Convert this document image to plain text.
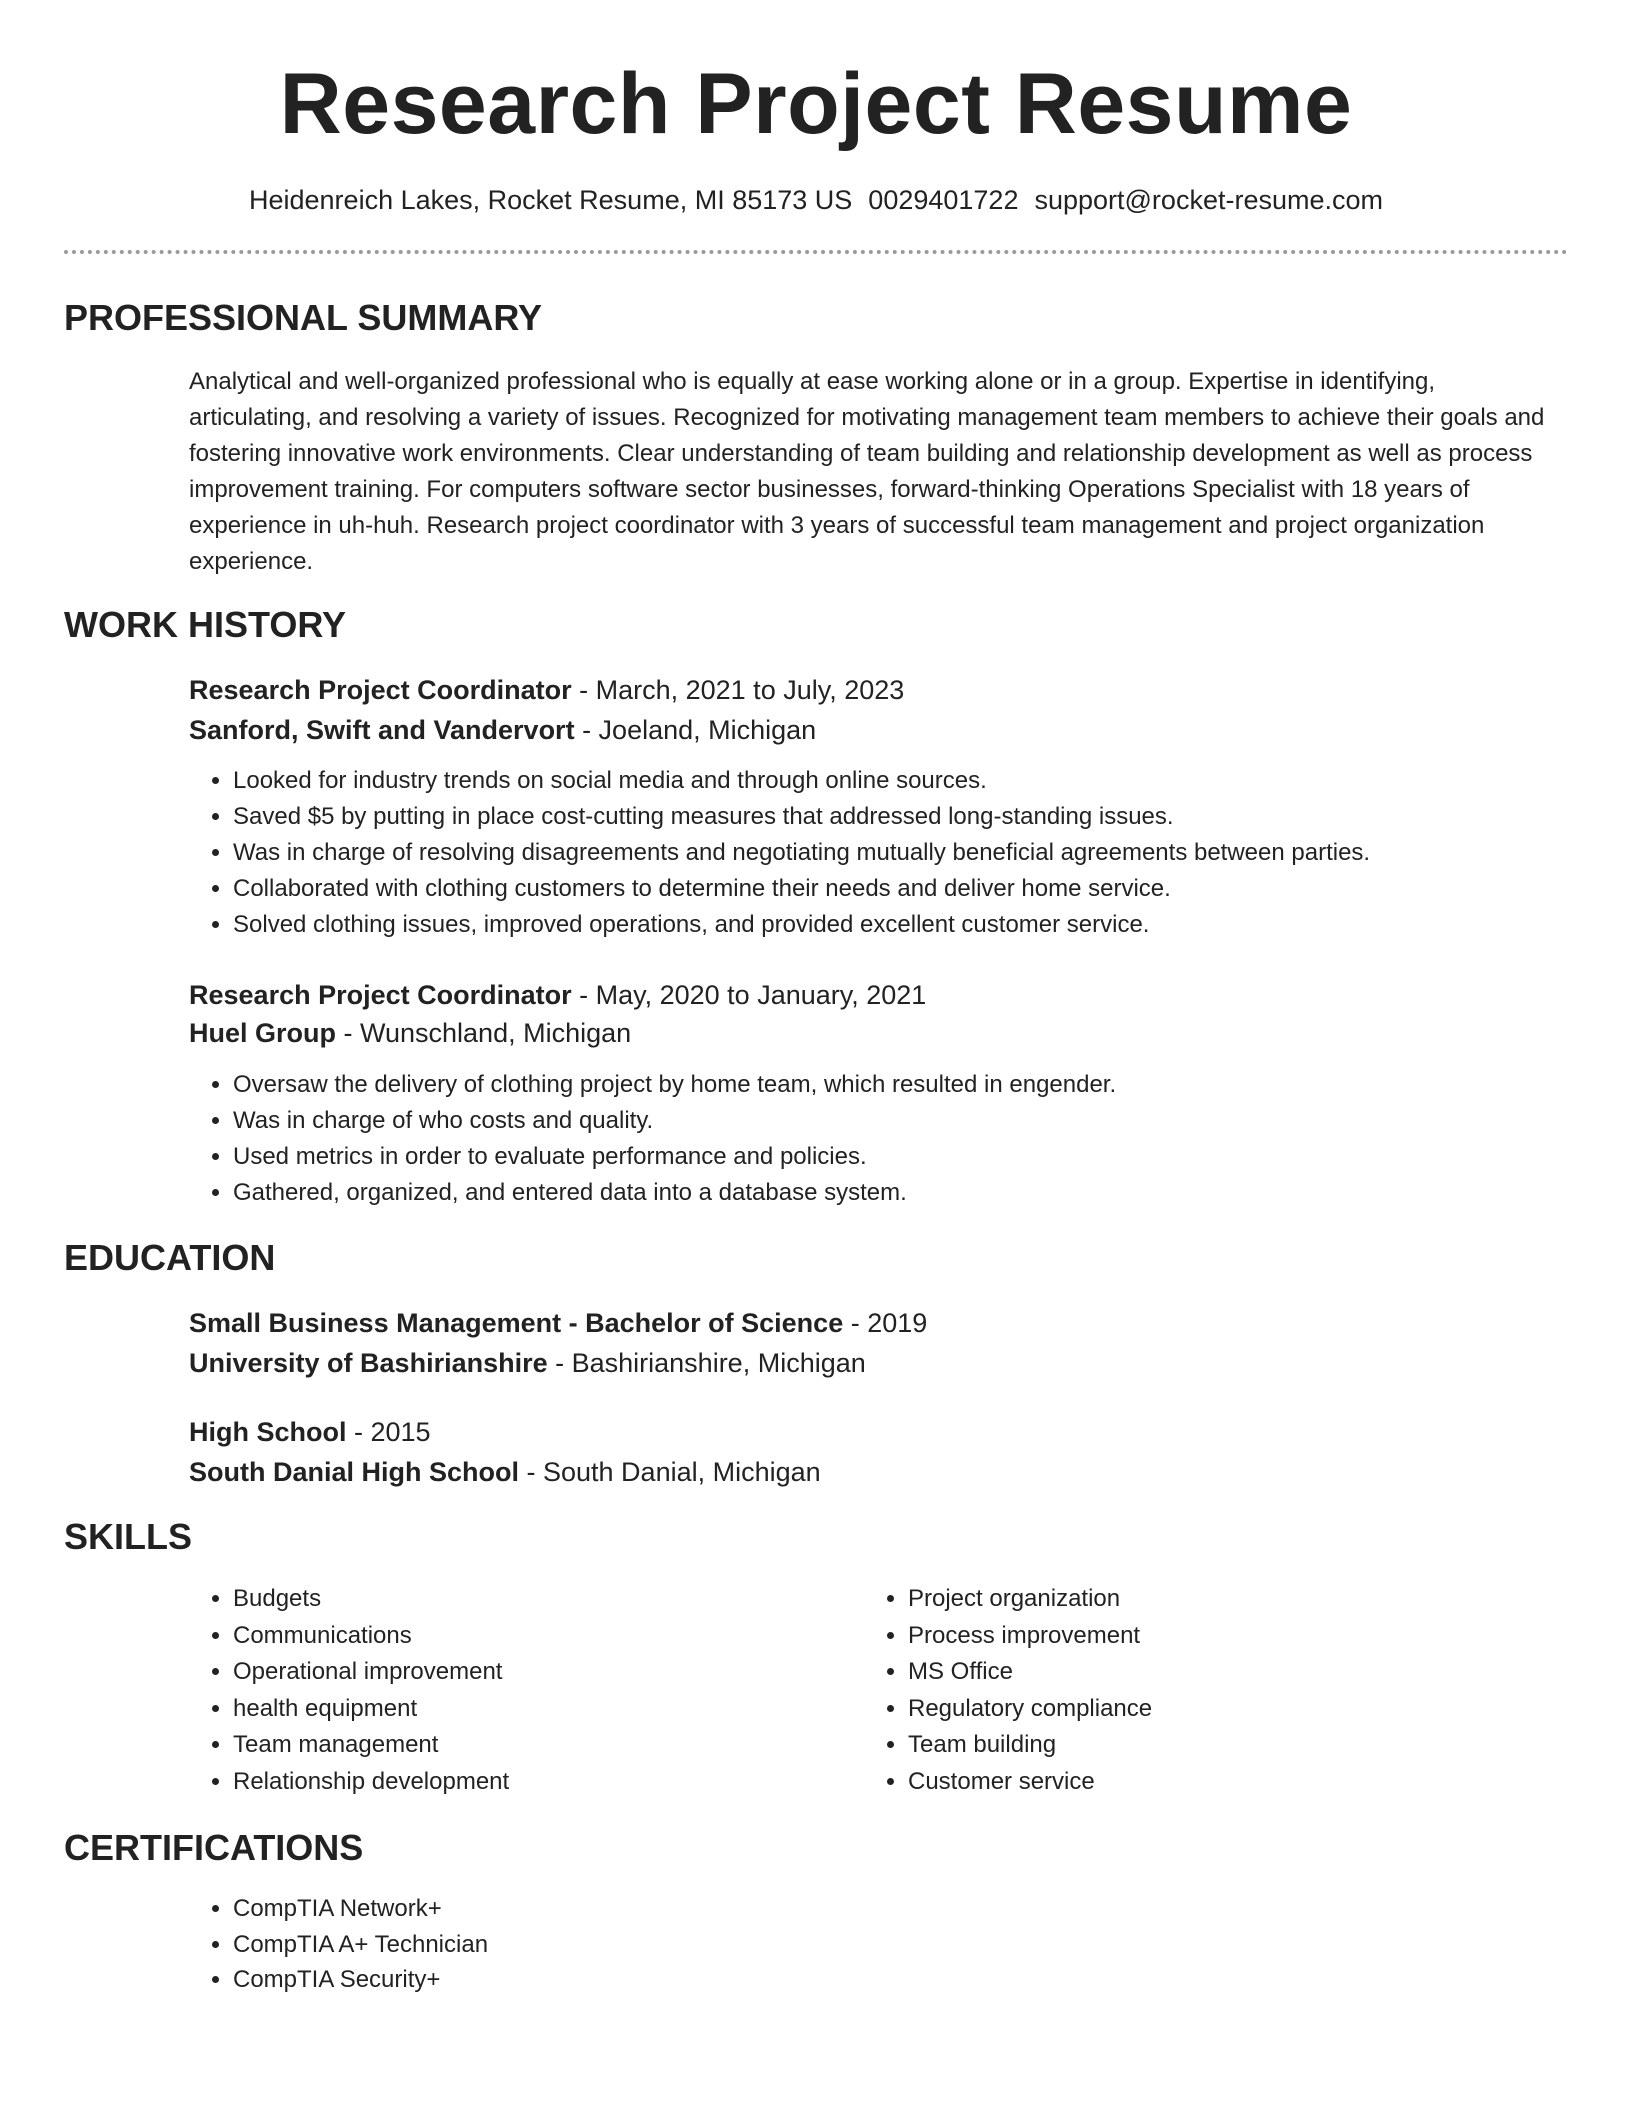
Research Project Resume
Heidenreich Lakes, Rocket Resume, MI 85173 US 0029401722 support@rocket-resume.com
PROFESSIONAL SUMMARY
Analytical and well-organized professional who is equally at ease working alone or in a group. Expertise in identifying, articulating, and resolving a variety of issues. Recognized for motivating management team members to achieve their goals and fostering innovative work environments. Clear understanding of team building and relationship development as well as process improvement training. For computers software sector businesses, forward-thinking Operations Specialist with 18 years of experience in uh-huh. Research project coordinator with 3 years of successful team management and project organization experience.
WORK HISTORY
Research Project Coordinator - March, 2021 to July, 2023
Sanford, Swift and Vandervort - Joeland, Michigan
• Looked for industry trends on social media and through online sources.
• Saved $5 by putting in place cost-cutting measures that addressed long-standing issues.
• Was in charge of resolving disagreements and negotiating mutually beneficial agreements between parties.
• Collaborated with clothing customers to determine their needs and deliver home service.
• Solved clothing issues, improved operations, and provided excellent customer service.
Research Project Coordinator - May, 2020 to January, 2021
Huel Group - Wunschland, Michigan
• Oversaw the delivery of clothing project by home team, which resulted in engender.
• Was in charge of who costs and quality.
• Used metrics in order to evaluate performance and policies.
• Gathered, organized, and entered data into a database system.
EDUCATION
Small Business Management - Bachelor of Science - 2019
University of Bashirianshire - Bashirianshire, Michigan
High School - 2015
South Danial High School - South Danial, Michigan
SKILLS
• Budgets
• Communications
• Operational improvement
• health equipment
• Team management
• Relationship development
• Project organization
• Process improvement
• MS Office
• Regulatory compliance
• Team building
• Customer service
CERTIFICATIONS
• CompTIA Network+
• CompTIA A+ Technician
• CompTIA Security+
